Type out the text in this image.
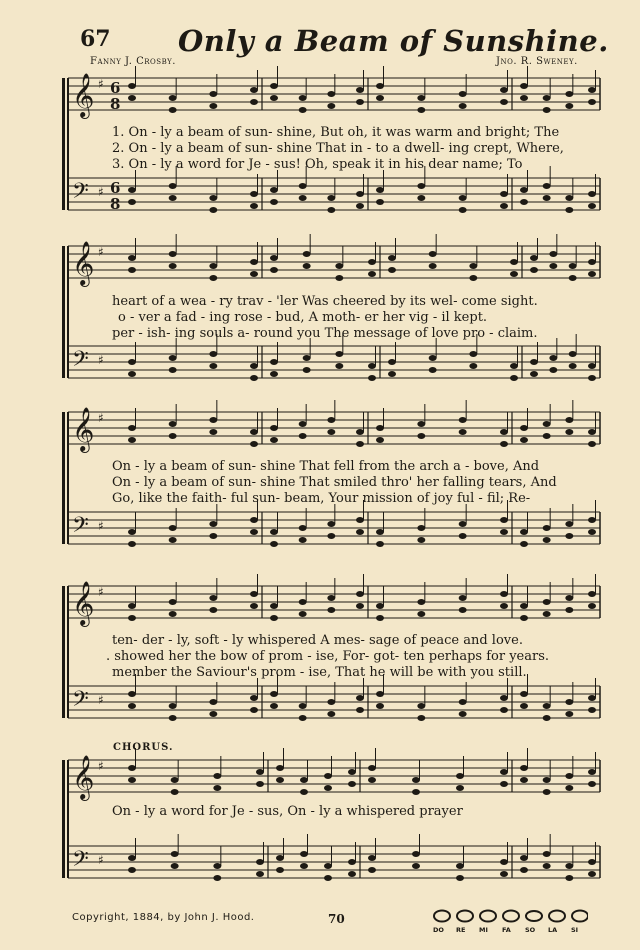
67 Only a Beam of Sunshine.
Fanny J. Crosby.	Jno. R. Sweney.
𝄞 ♯ 6
8
𝄢 ♯ 6
8
𝄞 ♯
𝄢 ♯
𝄞 ♯
𝄢 ♯
𝄞 ♯
𝄢 ♯
𝄞 ♯
𝄢 ♯
1. On - ly a beam of sun- shine, But oh, it was warm and bright; The
2. On - ly a beam of sun- shine That in - to a dwell- ing crept, Where,
3. On - ly a word for Je - sus! Oh, speak it in his dear name; To
heart of a wea - ry trav - 'ler Was cheered by its wel- come sight.
o - ver a fad - ing rose - bud, A moth- er her vig - il kept.
per - ish- ing souls a- round you The message of love pro - claim.
On - ly a beam of sun- shine That fell from the arch a - bove, And
On - ly a beam of sun- shine That smiled thro' her falling tears, And
Go, like the faith- ful sun- beam, Your mission of joy ful - fil; Re-
ten- der - ly, soft - ly whispered A mes- sage of peace and love.
. showed her the bow of prom - ise, For- got- ten perhaps for years.
member the Saviour's prom - ise, That he will be with you still.
CHORUS.
On - ly a word for Je - sus, On - ly a whispered prayer
Copyright, 1884, by John J. Hood.	70
DO RE MI FA SO LA SI
